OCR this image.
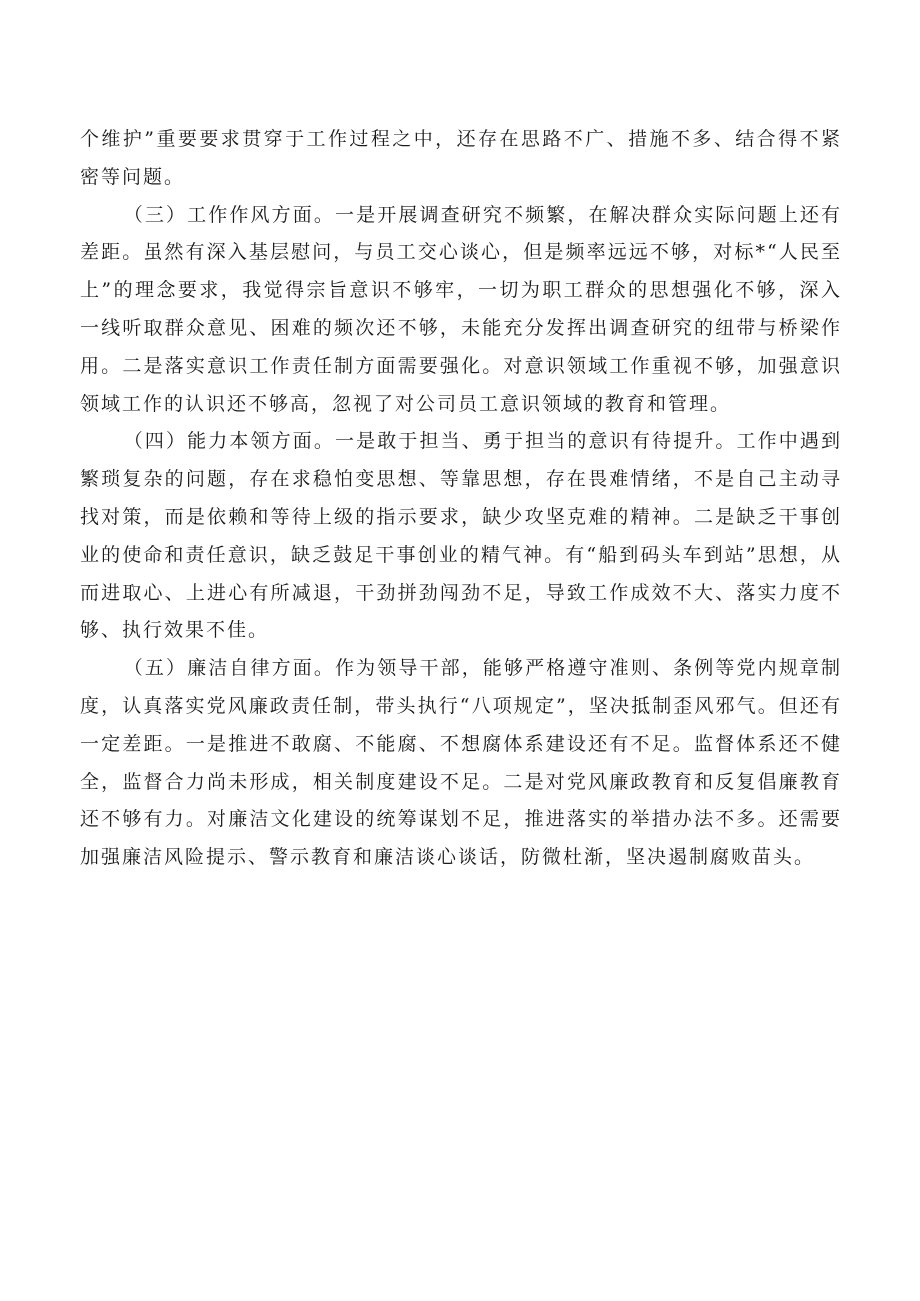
个维护”重要要求贯穿于工作过程之中，还存在思路不广、措施不多、结合得不紧密等问题。

（三）工作作风方面。一是开展调查研究不频繁，在解决群众实际问题上还有差距。虽然有深入基层慰问，与员工交心谈心，但是频率远远不够，对标*“人民至上”的理念要求，我觉得宗旨意识不够牢，一切为职工群众的思想强化不够，深入一线听取群众意见、困难的频次还不够，未能充分发挥出调查研究的纽带与桥梁作用。二是落实意识工作责任制方面需要强化。对意识领域工作重视不够，加强意识领域工作的认识还不够高，忽视了对公司员工意识领域的教育和管理。

（四）能力本领方面。一是敢于担当、勇于担当的意识有待提升。工作中遇到繁琐复杂的问题，存在求稳怕变思想、等靠思想，存在畏难情绪，不是自己主动寻找对策，而是依赖和等待上级的指示要求，缺少攻坚克难的精神。二是缺乏干事创业的使命和责任意识，缺乏鼓足干事创业的精气神。有“船到码头车到站”思想，从而进取心、上进心有所减退，干劲拼劲闯劲不足，导致工作成效不大、落实力度不够、执行效果不佳。

（五）廉洁自律方面。作为领导干部，能够严格遵守准则、条例等党内规章制度，认真落实党风廉政责任制，带头执行“八项规定”，坚决抵制歪风邪气。但还有一定差距。一是推进不敢腐、不能腐、不想腐体系建设还有不足。监督体系还不健全，监督合力尚未形成，相关制度建设不足。二是对党风廉政教育和反复倡廉教育还不够有力。对廉洁文化建设的统筹谋划不足，推进落实的举措办法不多。还需要加强廉洁风险提示、警示教育和廉洁谈心谈话，防微杜渐，坚决遏制腐败苗头。
